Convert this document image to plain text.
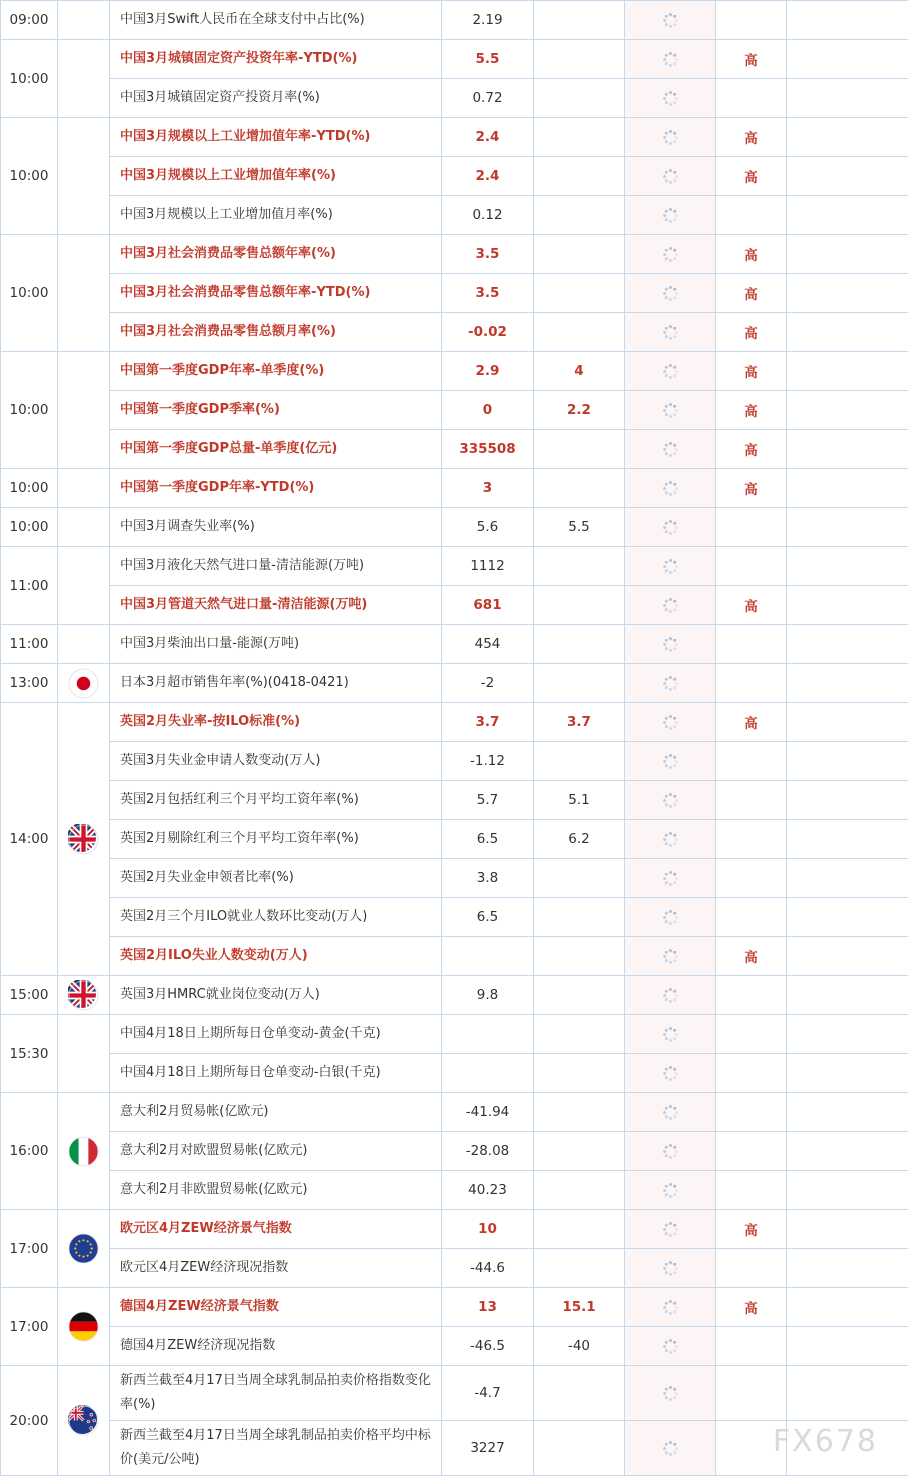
09:00		中国3月Swift人民币在全球支付中占比(%)	2.19				
10:00		中国3月城镇固定资产投资年率-YTD(%)	5.5			高	
		中国3月城镇固定资产投资月率(%)	0.72				
10:00		中国3月规模以上工业增加值年率-YTD(%)	2.4			高	
		中国3月规模以上工业增加值年率(%)	2.4			高	
		中国3月规模以上工业增加值月率(%)	0.12				
10:00		中国3月社会消费品零售总额年率(%)	3.5			高	
		中国3月社会消费品零售总额年率-YTD(%)	3.5			高	
		中国3月社会消费品零售总额月率(%)	-0.02			高	
10:00		中国第一季度GDP年率-单季度(%)	2.9	4		高	
		中国第一季度GDP季率(%)	0	2.2		高	
		中国第一季度GDP总量-单季度(亿元)	335508			高	
10:00		中国第一季度GDP年率-YTD(%)	3			高	
10:00		中国3月调查失业率(%)	5.6	5.5			
11:00		中国3月液化天然气进口量-清洁能源(万吨)	1112				
		中国3月管道天然气进口量-清洁能源(万吨)	681			高	
11:00		中国3月柴油出口量-能源(万吨)	454				
13:00		日本3月超市销售年率(%)(0418-0421)	-2				
14:00		英国2月失业率-按ILO标准(%)	3.7	3.7		高	
		英国3月失业金申请人数变动(万人)	-1.12				
		英国2月包括红利三个月平均工资年率(%)	5.7	5.1			
		英国2月剔除红利三个月平均工资年率(%)	6.5	6.2			
		英国2月失业金申领者比率(%)	3.8				
		英国2月三个月ILO就业人数环比变动(万人)	6.5				
		英国2月ILO失业人数变动(万人)				高	
15:00		英国3月HMRC就业岗位变动(万人)	9.8				
15:30		中国4月18日上期所每日仓单变动-黄金(千克)					
		中国4月18日上期所每日仓单变动-白银(千克)					
16:00		意大利2月贸易帐(亿欧元)	-41.94				
		意大利2月对欧盟贸易帐(亿欧元)	-28.08				
		意大利2月非欧盟贸易帐(亿欧元)	40.23				
17:00		欧元区4月ZEW经济景气指数	10			高	
		欧元区4月ZEW经济现况指数	-44.6				
17:00		德国4月ZEW经济景气指数	13	15.1		高	
		德国4月ZEW经济现况指数	-46.5	-40			
20:00		新西兰截至4月17日当周全球乳制品拍卖价格指数变化率(%)	-4.7				
		新西兰截至4月17日当周全球乳制品拍卖价格平均中标价(美元/公吨)	3227					FX678
